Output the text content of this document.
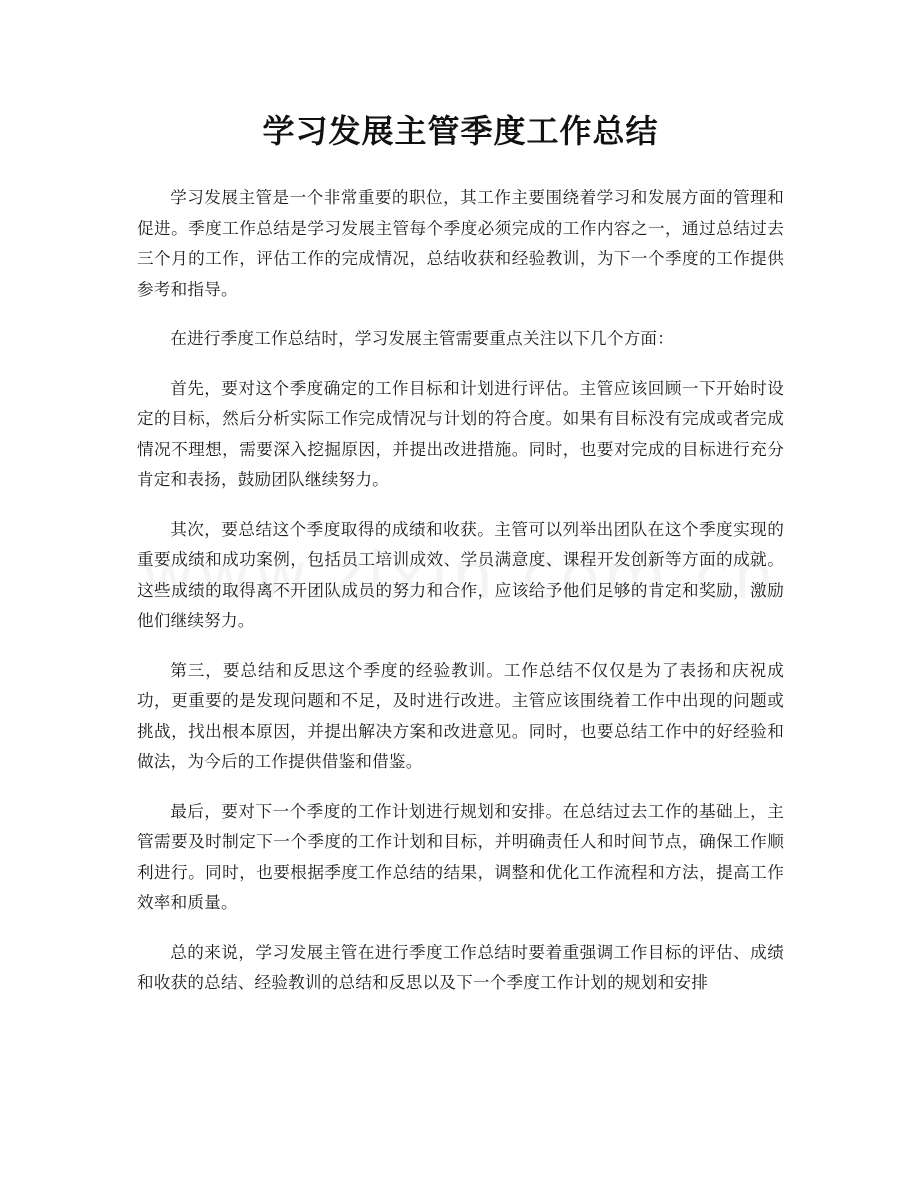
学习发展主管季度工作总结

学习发展主管是一个非常重要的职位，其工作主要围绕着学习和发展方面的管理和促进。季度工作总结是学习发展主管每个季度必须完成的工作内容之一，通过总结过去三个月的工作，评估工作的完成情况，总结收获和经验教训，为下一个季度的工作提供参考和指导。

在进行季度工作总结时，学习发展主管需要重点关注以下几个方面：

首先，要对这个季度确定的工作目标和计划进行评估。主管应该回顾一下开始时设定的目标，然后分析实际工作完成情况与计划的符合度。如果有目标没有完成或者完成情况不理想，需要深入挖掘原因，并提出改进措施。同时，也要对完成的目标进行充分肯定和表扬，鼓励团队继续努力。

其次，要总结这个季度取得的成绩和收获。主管可以列举出团队在这个季度实现的重要成绩和成功案例，包括员工培训成效、学员满意度、课程开发创新等方面的成就。这些成绩的取得离不开团队成员的努力和合作，应该给予他们足够的肯定和奖励，激励他们继续努力。

第三，要总结和反思这个季度的经验教训。工作总结不仅仅是为了表扬和庆祝成功，更重要的是发现问题和不足，及时进行改进。主管应该围绕着工作中出现的问题或挑战，找出根本原因，并提出解决方案和改进意见。同时，也要总结工作中的好经验和做法，为今后的工作提供借鉴和借鉴。

最后，要对下一个季度的工作计划进行规划和安排。在总结过去工作的基础上，主管需要及时制定下一个季度的工作计划和目标，并明确责任人和时间节点，确保工作顺利进行。同时，也要根据季度工作总结的结果，调整和优化工作流程和方法，提高工作效率和质量。

总的来说，学习发展主管在进行季度工作总结时要着重强调工作目标的评估、成绩和收获的总结、经验教训的总结和反思以及下一个季度工作计划的规划和安排
